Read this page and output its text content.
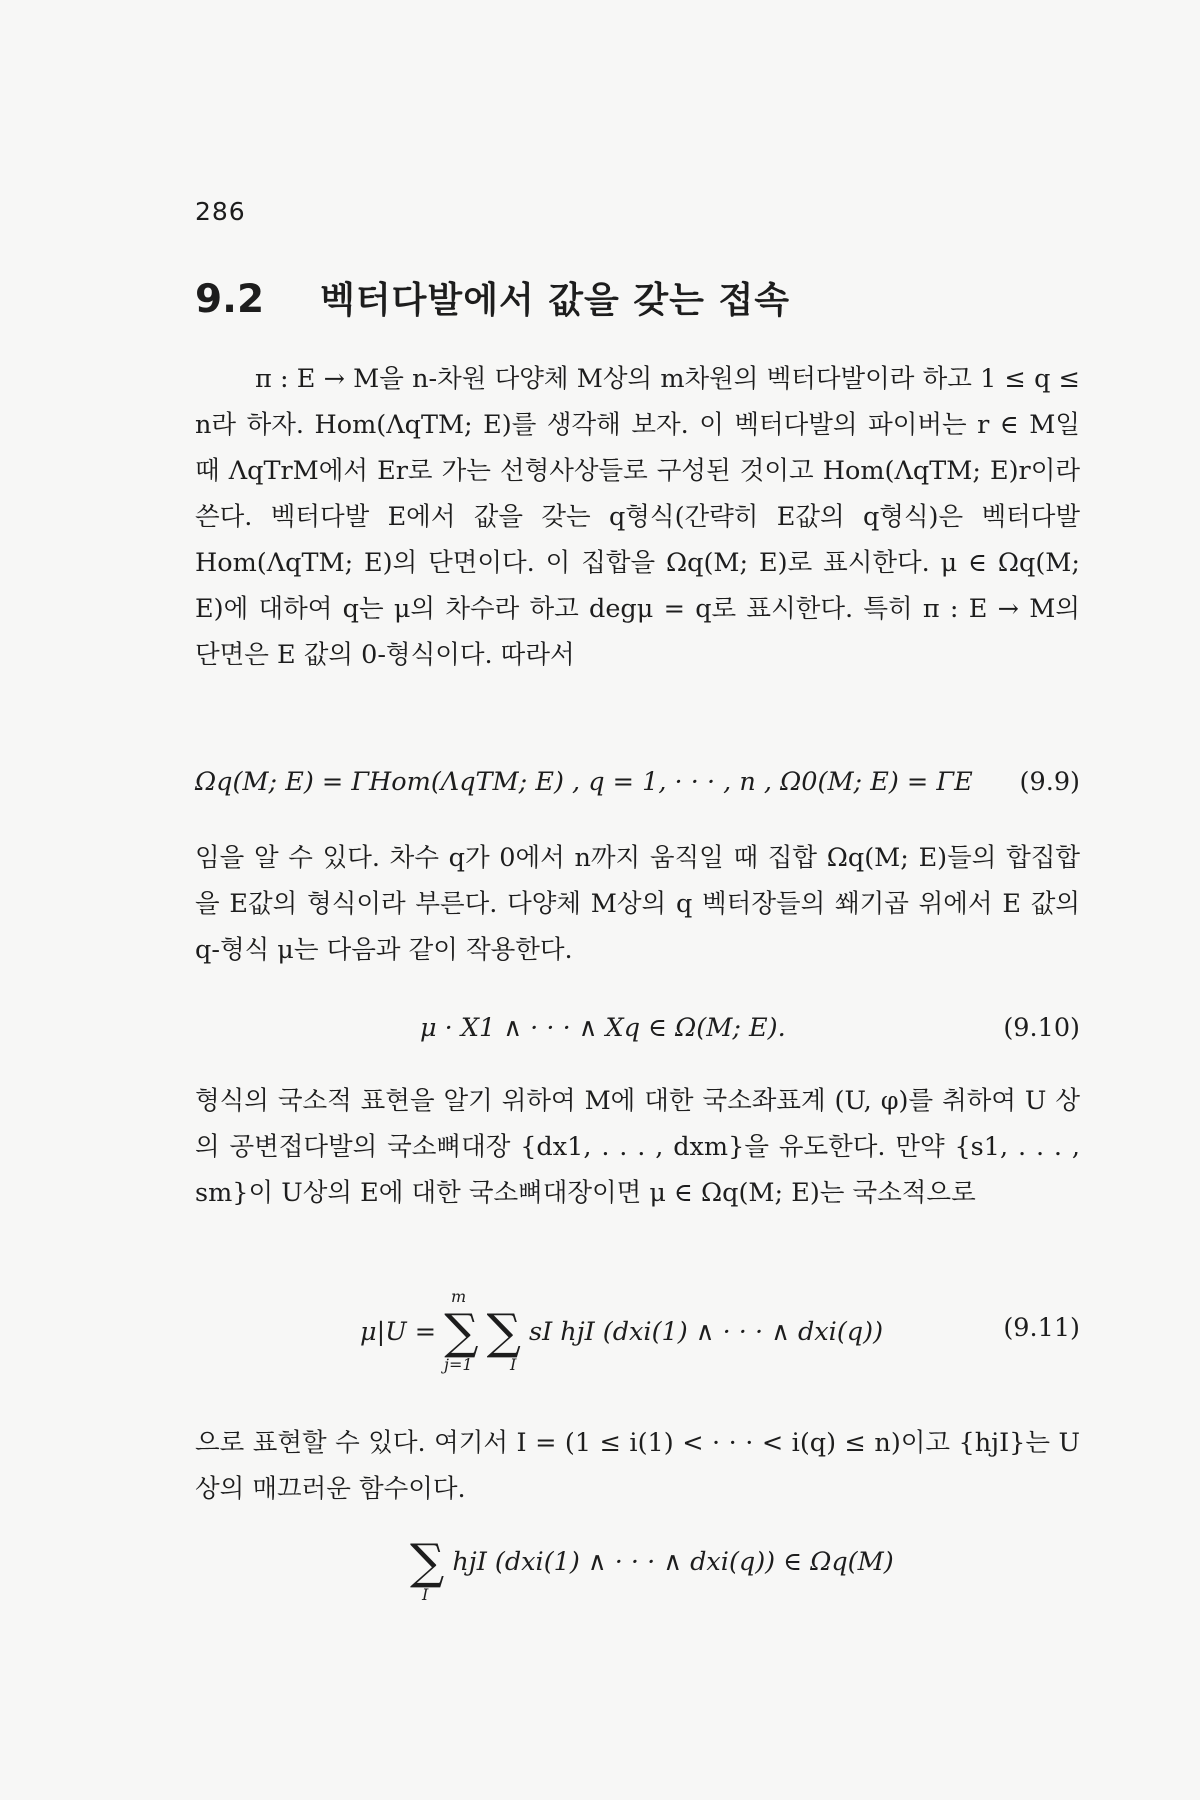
286
9.2 벡터다발에서 값을 갖는 접속

π : E → M을 n-차원 다양체 M상의 m차원의 벡터다발이라 하고 1 ≤ q ≤ n라 하자. Hom(ΛqTM; E)를 생각해 보자. 이 벡터다발의 파이버는 r ∈ M일 때 ΛqTrM에서 Er로 가는 선형사상들로 구성된 것이고 Hom(ΛqTM; E)r이라 쓴다. 벡터다발 E에서 값을 갖는 q형식(간략히 E값의 q형식)은 벡터다발 Hom(ΛqTM; E)의 단면이다. 이 집합을 Ωq(M; E)로 표시한다. μ ∈ Ωq(M; E)에 대하여 q는 μ의 차수라 하고 degμ = q로 표시한다. 특히 π : E → M의 단면은 E 값의 0-형식이다. 따라서

Ωq(M; E) = ΓHom(ΛqTM; E) , q = 1, · · · , n , Ω0(M; E) = ΓE (9.9)

임을 알 수 있다. 차수 q가 0에서 n까지 움직일 때 집합 Ωq(M; E)들의 합집합을 E값의 형식이라 부른다. 다양체 M상의 q 벡터장들의 쐐기곱 위에서 E 값의 q-형식 μ는 다음과 같이 작용한다.

μ · X1 ∧ · · · ∧ Xq ∈ Ω(M; E).	(9.10)

형식의 국소적 표현을 알기 위하여 M에 대한 국소좌표계 (U, φ)를 취하여 U 상의 공변접다발의 국소뼈대장 {dx1, . . . , dxm}을 유도한다. 만약 {s1, . . . , sm}이 U상의 E에 대한 국소뼈대장이면 μ ∈ Ωq(M; E)는 국소적으로

μ|U = ∑ ∑ sI hjI (dxi(1) ∧ · · · ∧ dxi(q))
m
j=1 I
(9.11)

으로 표현할 수 있다. 여기서 I = (1 ≤ i(1) < · · · < i(q) ≤ n)이고 {hjI}는 U상의 매끄러운 함수이다.

∑ hjI (dxi(1) ∧ · · · ∧ dxi(q)) ∈ Ωq(M)
I
